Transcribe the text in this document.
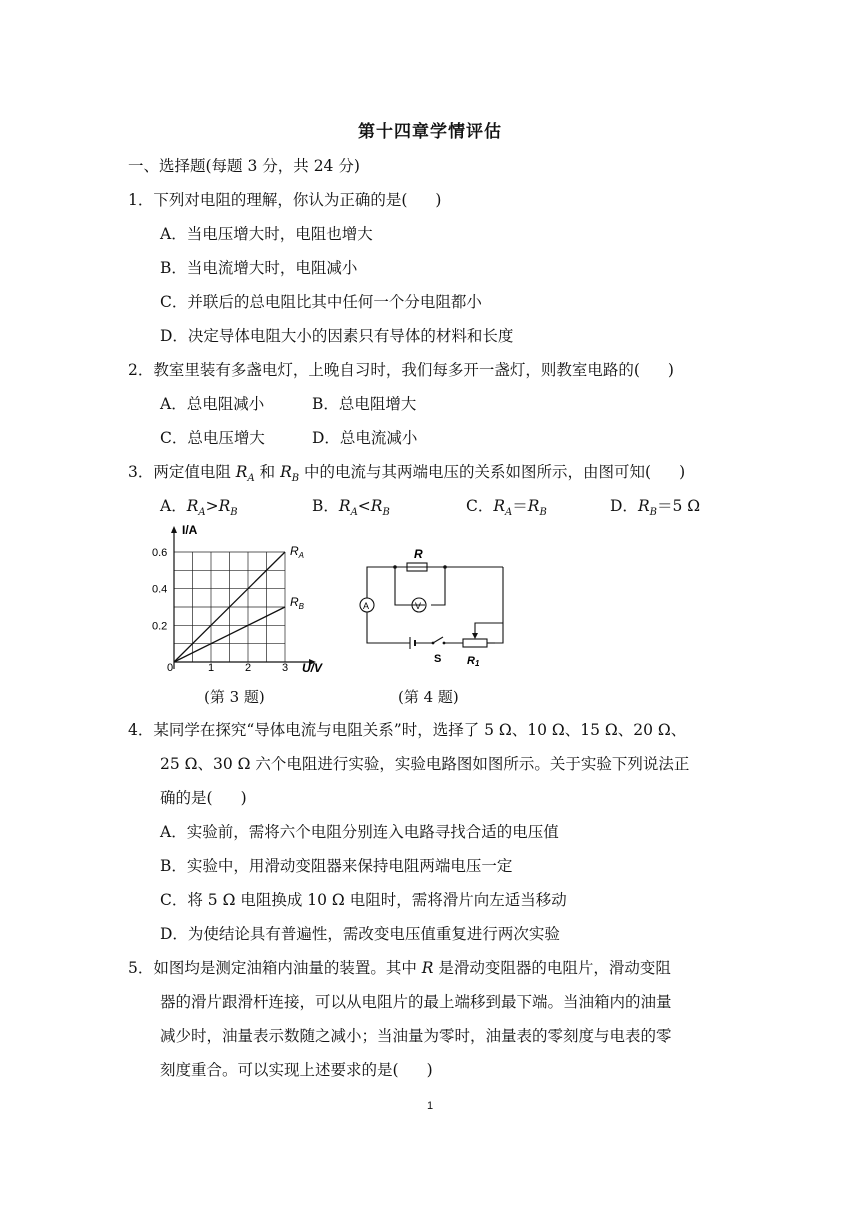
第十四章学情评估
一、选择题(每题 3 分，共 24 分)
1．下列对电阻的理解，你认为正确的是( )
A．当电压增大时，电阻也增大
B．当电流增大时，电阻减小
C．并联后的总电阻比其中任何一个分电阻都小
D．决定导体电阻大小的因素只有导体的材料和长度
2．教室里装有多盏电灯，上晚自习时，我们每多开一盏灯，则教室电路的( )
A．总电阻减小	B．总电阻增大
C．总电压增大	D．总电流减小
3．两定值电阻 $R_A$ 和 $R_B$ 中的电流与其两端电压的关系如图所示，由图可知( )
A．$R_A>R_B$	B．$R_A<R_B$	C．$R_A=R_B$	D．$R_B=5$ Ω
0.2
0.4
0.6
1	2	3
I/A
U/V
0
$R_A$
$R_B$
R
V
A
S R1
(第 3 题)	(第 4 题)
4．某同学在探究“导体电流与电阻关系”时，选择了 5 Ω、10 Ω、15 Ω、20 Ω、
25 Ω、30 Ω 六个电阻进行实验，实验电路图如图所示。关于实验下列说法正
确的是( )
A．实验前，需将六个电阻分别连入电路寻找合适的电压值
B．实验中，用滑动变阻器来保持电阻两端电压一定
C．将 5 Ω 电阻换成 10 Ω 电阻时，需将滑片向左适当移动
D．为使结论具有普遍性，需改变电压值重复进行两次实验
5．如图均是测定油箱内油量的装置。其中 R 是滑动变阻器的电阻片，滑动变阻
器的滑片跟滑杆连接，可以从电阻片的最上端移到最下端。当油箱内的油量
减少时，油量表示数随之减小；当油量为零时，油量表的零刻度与电表的零
刻度重合。可以实现上述要求的是( )
1
